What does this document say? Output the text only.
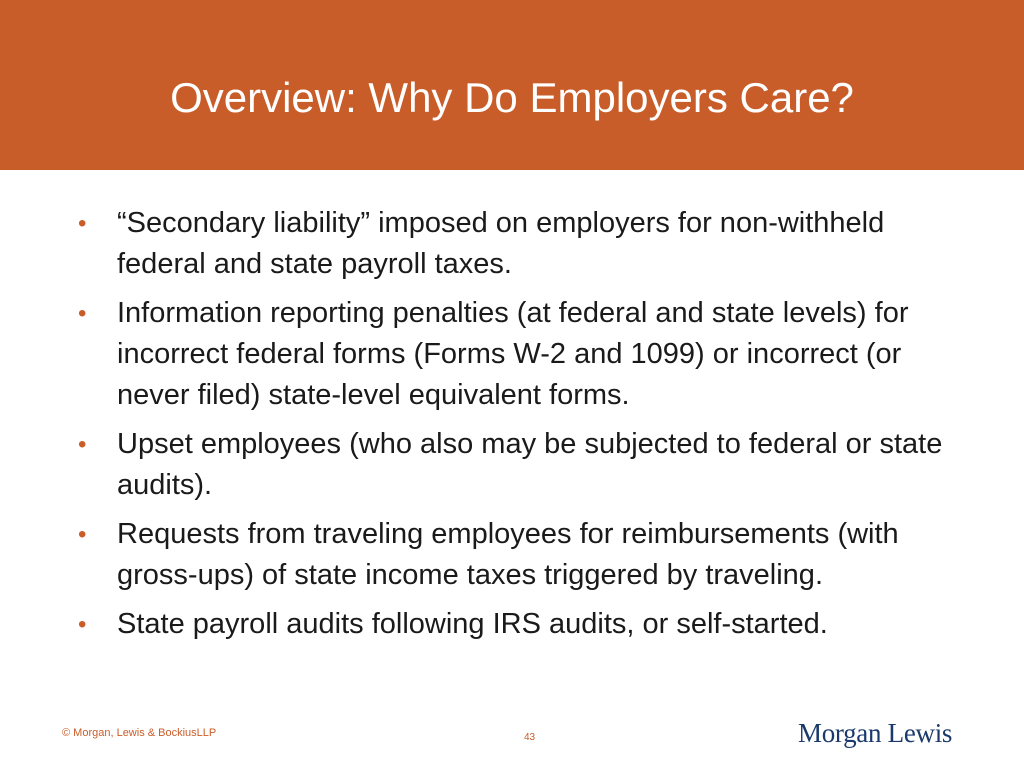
Overview: Why Do Employers Care?
• “Secondary liability” imposed on employers for non-withheld federal and state payroll taxes.
• Information reporting penalties (at federal and state levels) for incorrect federal forms (Forms W-2 and 1099) or incorrect (or never filed) state-level equivalent forms.
• Upset employees (who also may be subjected to federal or state audits).
• Requests from traveling employees for reimbursements (with gross-ups) of state income taxes triggered by traveling.
• State payroll audits following IRS audits, or self-started.
© Morgan, Lewis & BockiusLLP	43	Morgan Lewis
